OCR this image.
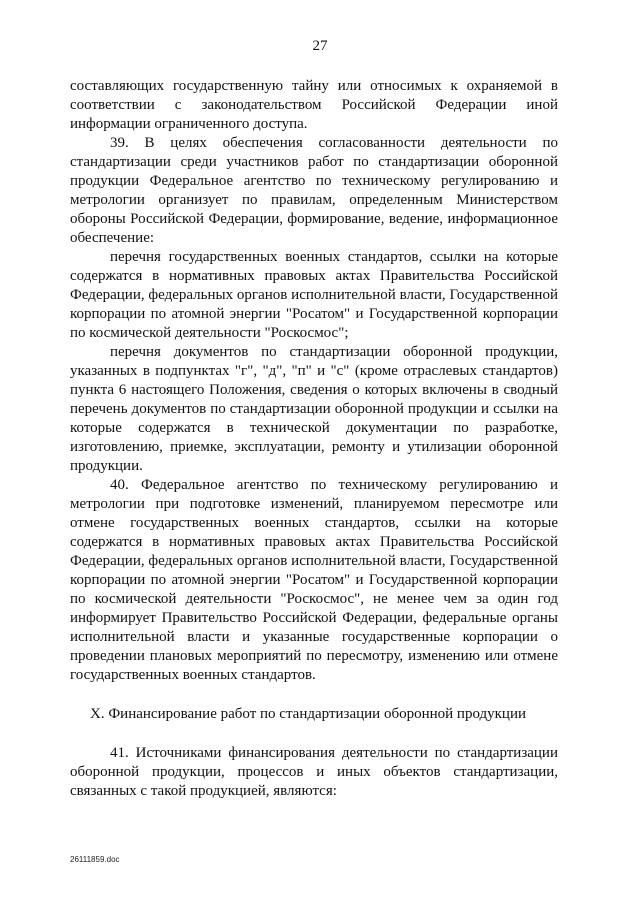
27

составляющих государственную тайну или относимых к охраняемой в соответствии с законодательством Российской Федерации иной информации ограниченного доступа.

39. В целях обеспечения согласованности деятельности по стандартизации среди участников работ по стандартизации оборонной продукции Федеральное агентство по техническому регулированию и метрологии организует по правилам, определенным Министерством обороны Российской Федерации, формирование, ведение, информационное обеспечение:

перечня государственных военных стандартов, ссылки на которые содержатся в нормативных правовых актах Правительства Российской Федерации, федеральных органов исполнительной власти, Государственной корпорации по атомной энергии "Росатом" и Государственной корпорации по космической деятельности "Роскосмос";

перечня документов по стандартизации оборонной продукции, указанных в подпунктах "г", "д", "п" и "с" (кроме отраслевых стандартов) пункта 6 настоящего Положения, сведения о которых включены в сводный перечень документов по стандартизации оборонной продукции и ссылки на которые содержатся в технической документации по разработке, изготовлению, приемке, эксплуатации, ремонту и утилизации оборонной продукции.

40. Федеральное агентство по техническому регулированию и метрологии при подготовке изменений, планируемом пересмотре или отмене государственных военных стандартов, ссылки на которые содержатся в нормативных правовых актах Правительства Российской Федерации, федеральных органов исполнительной власти, Государственной корпорации по атомной энергии "Росатом" и Государственной корпорации по космической деятельности "Роскосмос", не менее чем за один год информирует Правительство Российской Федерации, федеральные органы исполнительной власти и указанные государственные корпорации о проведении плановых мероприятий по пересмотру, изменению или отмене государственных военных стандартов.

X. Финансирование работ по стандартизации оборонной продукции

41. Источниками финансирования деятельности по стандартизации оборонной продукции, процессов и иных объектов стандартизации, связанных с такой продукцией, являются:

26111859.doc
